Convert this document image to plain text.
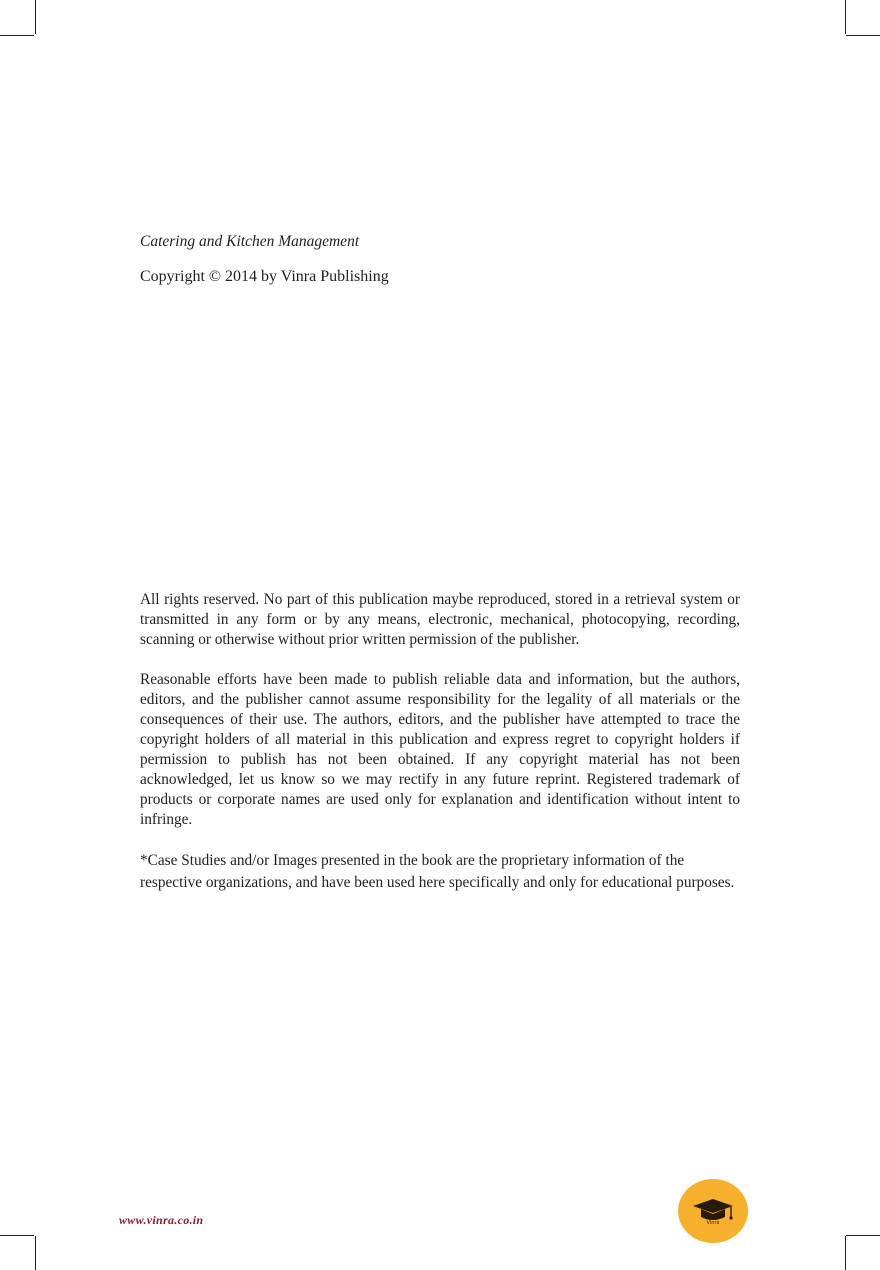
Catering and Kitchen Management

Copyright © 2014 by Vinra Publishing

All rights reserved. No part of this publication maybe reproduced, stored in a retrieval system or transmitted in any form or by any means, electronic, mechanical, photocopying, recording, scanning or otherwise without prior written permission of the publisher.

Reasonable efforts have been made to publish reliable data and information, but the authors, editors, and the publisher cannot assume responsibility for the legality of all materials or the consequences of their use. The authors, editors, and the publisher have attempted to trace the copyright holders of all material in this publication and express regret to copyright holders if permission to publish has not been obtained. If any copyright material has not been acknowledged, let us know so we may rectify in any future reprint. Registered trademark of products or corporate names are used only for explanation and identification without intent to infringe.

*Case Studies and/or Images presented in the book are the proprietary information of the respective organizations, and have been used here specifically and only for educational purposes.

www.vinra.co.in	Vinra
